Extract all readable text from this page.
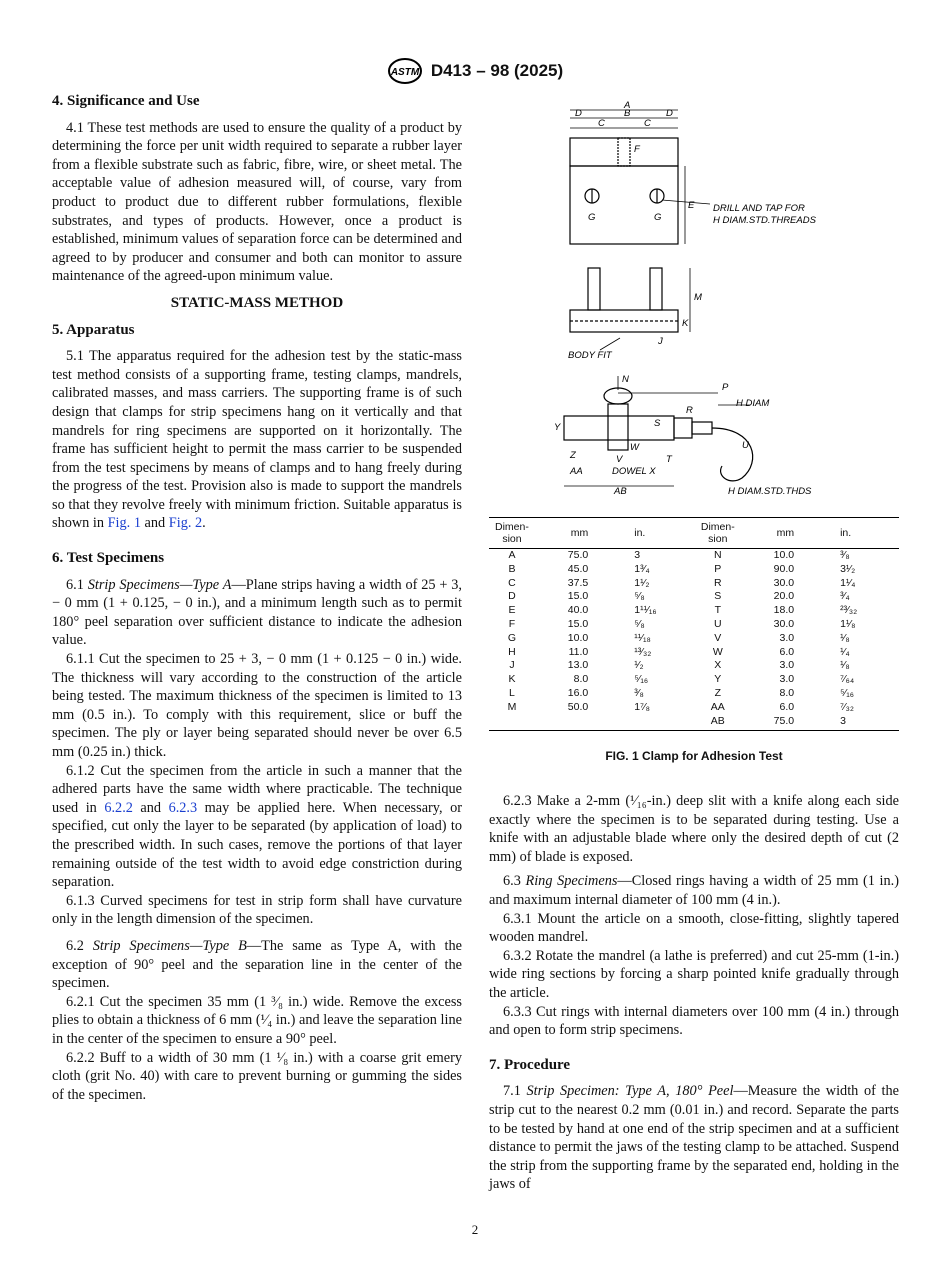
ASTM D413 – 98 (2025)
4. Significance and Use

4.1 These test methods are used to ensure the quality of a product by determining the force per unit width required to separate a rubber layer from a flexible substrate such as fabric, fibre, wire, or sheet metal. The acceptable value of adhesion measured will, of course, vary from product to product due to different rubber formulations, flexible substrates, and types of products. However, once a product is established, minimum values of separation force can be determined and agreed to by producer and consumer and both can monitor to assure maintenance of the agreed-upon minimum value.

STATIC-MASS METHOD
5. Apparatus

5.1 The apparatus required for the adhesion test by the static-mass test method consists of a supporting frame, testing clamps, mandrels, calibrated masses, and mass carriers. The supporting frame is of such design that clamps for strip specimens hang on it vertically and that mandrels for ring specimens are supported on it horizontally. The frame has sufficient height to permit the mass carrier to be suspended from the test specimens by means of clamps and to hang freely during the progress of the test. Provision also is made to support the mandrels so that they revolve freely with minimum friction. Suitable apparatus is shown in Fig. 1 and Fig. 2.

6. Test Specimens

6.1 Strip Specimens—Type A—Plane strips having a width of 25 + 3, − 0 mm (1 + 0.125, − 0 in.), and a minimum length such as to permit 180° peel separation over sufficient distance to indicate the adhesion value.

6.1.1 Cut the specimen to 25 + 3, − 0 mm (1 + 0.125 − 0 in.) wide. The thickness will vary according to the construction of the article being tested. The maximum thickness of the specimen is limited to 13 mm (0.5 in.). To comply with this requirement, slice or buff the specimen. The ply or layer being separated should never be over 6.5 mm (0.25 in.) thick.

6.1.2 Cut the specimen from the article in such a manner that the adhered parts have the same width where practicable. The technique used in 6.2.2 and 6.2.3 may be applied here. When necessary, or specified, cut only the layer to be separated (by application of load) to the prescribed width. In such cases, remove the portions of that layer remaining outside of the test width to avoid edge constriction during separation.

6.1.3 Curved specimens for test in strip form shall have curvature only in the length dimension of the specimen.

6.2 Strip Specimens—Type B—The same as Type A, with the exception of 90° peel and the separation line in the center of the specimen.

6.2.1 Cut the specimen 35 mm (1 ³⁄₈ in.) wide. Remove the excess plies to obtain a thickness of 6 mm (¹⁄₄ in.) and leave the separation line in the center of the specimen to ensure a 90° peel.

6.2.2 Buff to a width of 30 mm (1 ¹⁄₈ in.) with a coarse grit emery cloth (grit No. 40) with care to prevent burning or gumming the sides of the specimen.

A
B
C	C
D	D
E
F
G	G
DRILL AND TAP FOR
H DIAM.STD.THREADS
M
K
J
BODY FIT
N
P
H DIAM
R
S
U
T
Y
Z	V
W
AA	DOWEL X
AB	H DIAM.STD.THDS
Dimen-sion	mm	in.	Dimen-sion	mm	in.
A	75.0	3	N	10.0	³⁄₈
B	45.0	1³⁄₄	P	90.0	3¹⁄₂
C	37.5	1¹⁄₂	R	30.0	1¹⁄₄
D	15.0	⁵⁄₈	S	20.0	³⁄₄
E	40.0	1¹¹⁄₁₆	T	18.0	²³⁄₃₂
F	15.0	⁵⁄₈	U	30.0	1¹⁄₈
G	10.0	¹¹⁄₁₈	V	3.0	¹⁄₈
H	11.0	¹³⁄₃₂	W	6.0	¹⁄₄
J	13.0	¹⁄₂	X	3.0	¹⁄₈
K	8.0	⁵⁄₁₆	Y	3.0	⁷⁄₆₄
L	16.0	³⁄₈	Z	8.0	⁵⁄₁₆
M	50.0	1⁷⁄₈	AA	6.0	⁷⁄₃₂
			AB	75.0	3
FIG. 1 Clamp for Adhesion Test

6.2.3 Make a 2-mm (¹⁄₁₆-in.) deep slit with a knife along each side exactly where the specimen is to be separated during testing. Use a knife with an adjustable blade where only the desired depth of cut (2 mm) of blade is exposed.

6.3 Ring Specimens—Closed rings having a width of 25 mm (1 in.) and maximum internal diameter of 100 mm (4 in.).

6.3.1 Mount the article on a smooth, close-fitting, slightly tapered wooden mandrel.

6.3.2 Rotate the mandrel (a lathe is preferred) and cut 25-mm (1-in.) wide ring sections by forcing a sharp pointed knife gradually through the article.

6.3.3 Cut rings with internal diameters over 100 mm (4 in.) through and open to form strip specimens.

7. Procedure

7.1 Strip Specimen: Type A, 180° Peel—Measure the width of the strip cut to the nearest 0.2 mm (0.01 in.) and record. Separate the parts to be tested by hand at one end of the strip specimen and at a sufficient distance to permit the jaws of the testing clamp to be attached. Suspend the strip from the supporting frame by the separated end, holding in the jaws of

2
